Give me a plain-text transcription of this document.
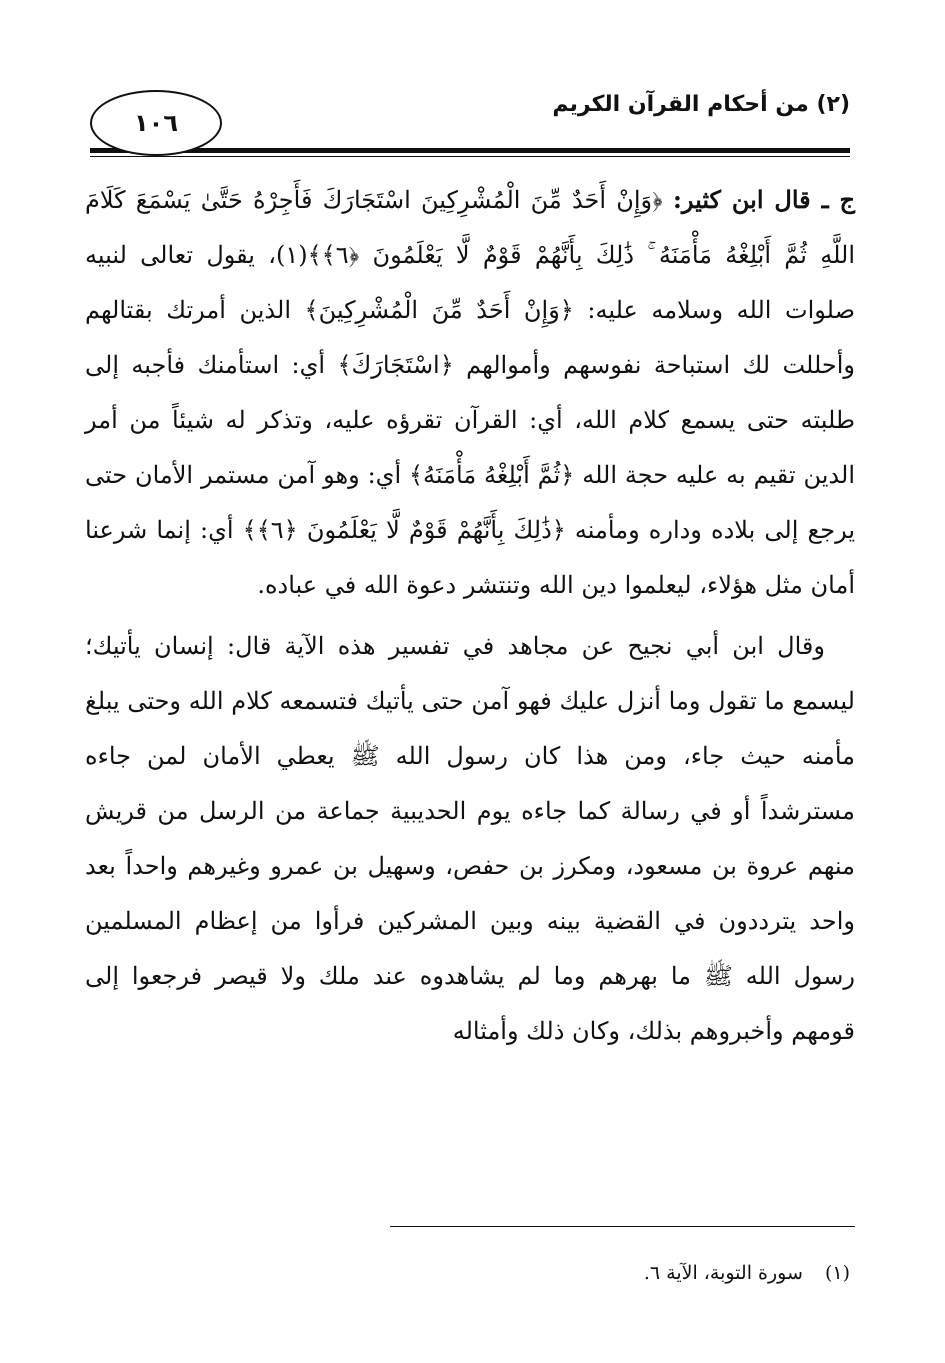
١٠٦
(٢) من أحكام القرآن الكريم

ج ـ قال ابن كثير: ﴿وَإِنْ أَحَدٌ مِّنَ الْمُشْرِكِينَ اسْتَجَارَكَ فَأَجِرْهُ حَتَّىٰ يَسْمَعَ كَلَامَ اللَّهِ ثُمَّ أَبْلِغْهُ مَأْمَنَهُ ۚ ذَٰلِكَ بِأَنَّهُمْ قَوْمٌ لَّا يَعْلَمُونَ ﴿٦﴾﴾(١)، يقول تعالى لنبيه صلوات الله وسلامه عليه: ﴿وَإِنْ أَحَدٌ مِّنَ الْمُشْرِكِينَ﴾ الذين أمرتك بقتالهم وأحللت لك استباحة نفوسهم وأموالهم ﴿اسْتَجَارَكَ﴾ أي: استأمنك فأجبه إلى طلبته حتى يسمع كلام الله، أي: القرآن تقرؤه عليه، وتذكر له شيئاً من أمر الدين تقيم به عليه حجة الله ﴿ثُمَّ أَبْلِغْهُ مَأْمَنَهُ﴾ أي: وهو آمن مستمر الأمان حتى يرجع إلى بلاده وداره ومأمنه ﴿ذَٰلِكَ بِأَنَّهُمْ قَوْمٌ لَّا يَعْلَمُونَ ﴿٦﴾﴾ أي: إنما شرعنا أمان مثل هؤلاء، ليعلموا دين الله وتنتشر دعوة الله في عباده.

وقال ابن أبي نجيح عن مجاهد في تفسير هذه الآية قال: إنسان يأتيك؛ ليسمع ما تقول وما أنزل عليك فهو آمن حتى يأتيك فتسمعه كلام الله وحتى يبلغ مأمنه حيث جاء، ومن هذا كان رسول الله ﷺ يعطي الأمان لمن جاءه مسترشداً أو في رسالة كما جاءه يوم الحديبية جماعة من الرسل من قريش منهم عروة بن مسعود، ومكرز بن حفص، وسهيل بن عمرو وغيرهم واحداً بعد واحد يترددون في القضية بينه وبين المشركين فرأوا من إعظام المسلمين رسول الله ﷺ ما بهرهم وما لم يشاهدوه عند ملك ولا قيصر فرجعوا إلى قومهم وأخبروهم بذلك، وكان ذلك وأمثاله

(١) سورة التوبة، الآية ٦.
